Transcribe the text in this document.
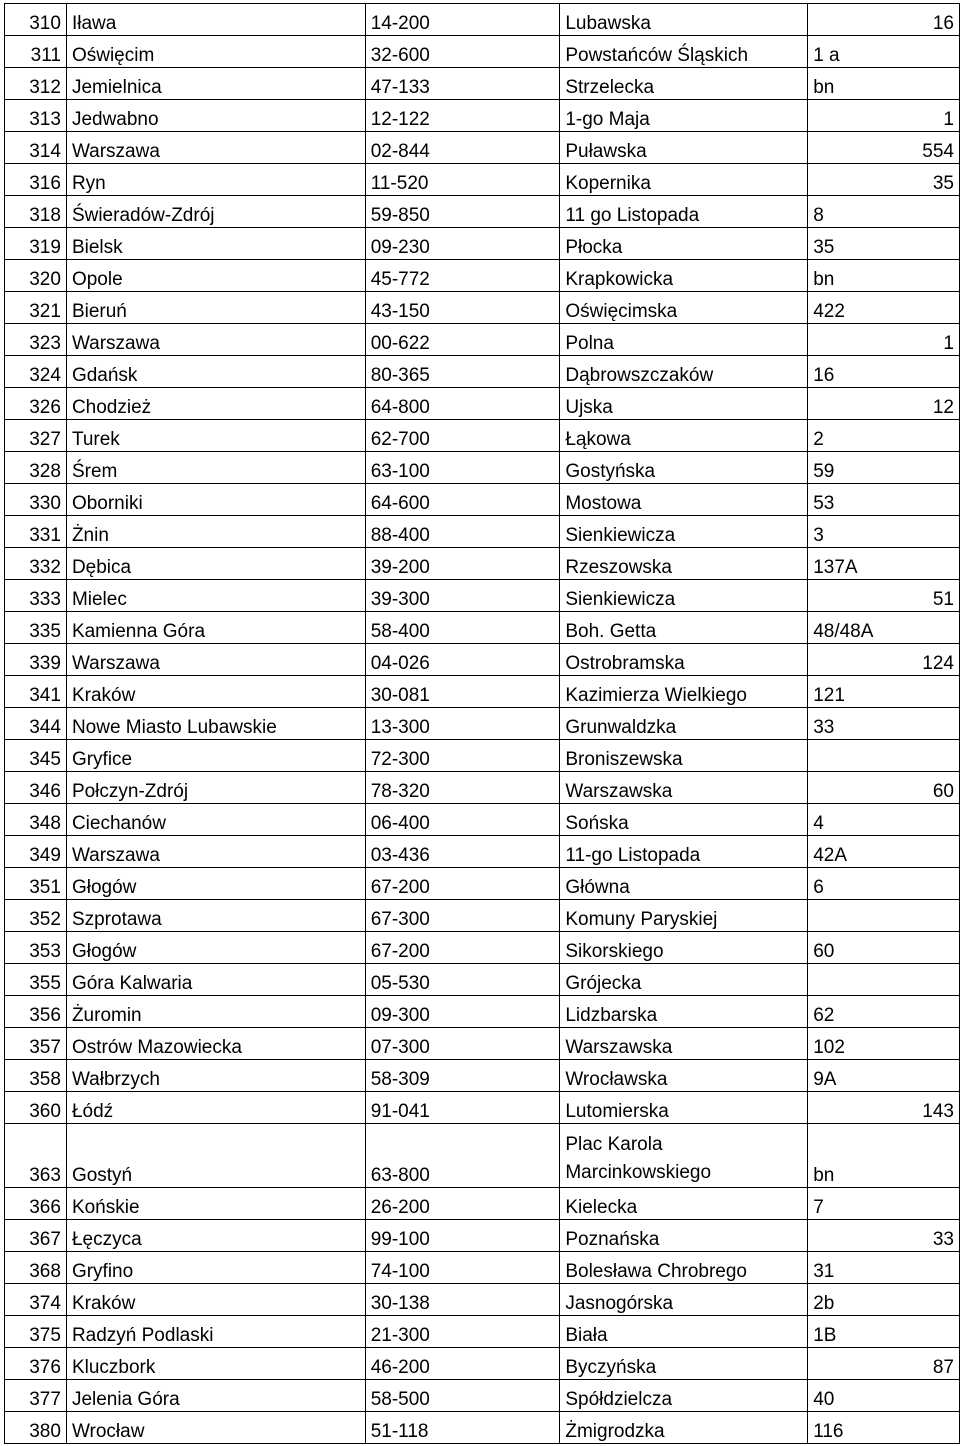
310	Iława	14-200	Lubawska	16
311	Oświęcim	32-600	Powstańców Śląskich	1 a
312	Jemielnica	47-133	Strzelecka	bn
313	Jedwabno	12-122	1-go Maja	1
314	Warszawa	02-844	Puławska	554
316	Ryn	11-520	Kopernika	35
318	Świeradów-Zdrój	59-850	11 go Listopada	8
319	Bielsk	09-230	Płocka	35
320	Opole	45-772	Krapkowicka	bn
321	Bieruń	43-150	Oświęcimska	422
323	Warszawa	00-622	Polna	1
324	Gdańsk	80-365	Dąbrowszczaków	16
326	Chodzież	64-800	Ujska	12
327	Turek	62-700	Łąkowa	2
328	Śrem	63-100	Gostyńska	59
330	Oborniki	64-600	Mostowa	53
331	Żnin	88-400	Sienkiewicza	3
332	Dębica	39-200	Rzeszowska	137A
333	Mielec	39-300	Sienkiewicza	51
335	Kamienna Góra	58-400	Boh. Getta	48/48A
339	Warszawa	04-026	Ostrobramska	124
341	Kraków	30-081	Kazimierza Wielkiego	121
344	Nowe Miasto Lubawskie	13-300	Grunwaldzka	33
345	Gryfice	72-300	Broniszewska	
346	Połczyn-Zdrój	78-320	Warszawska	60
348	Ciechanów	06-400	Sońska	4
349	Warszawa	03-436	11-go Listopada	42A
351	Głogów	67-200	Główna	6
352	Szprotawa	67-300	Komuny Paryskiej	
353	Głogów	67-200	Sikorskiego	60
355	Góra Kalwaria	05-530	Grójecka	
356	Żuromin	09-300	Lidzbarska	62
357	Ostrów Mazowiecka	07-300	Warszawska	102
358	Wałbrzych	58-309	Wrocławska	9A
360	Łódź	91-041	Lutomierska	143
363	Gostyń	63-800	Plac Karola Marcinkowskiego	bn
366	Końskie	26-200	Kielecka	7
367	Łęczyca	99-100	Poznańska	33
368	Gryfino	74-100	Bolesława Chrobrego	31
374	Kraków	30-138	Jasnogórska	2b
375	Radzyń Podlaski	21-300	Biała	1B
376	Kluczbork	46-200	Byczyńska	87
377	Jelenia Góra	58-500	Spółdzielcza	40
380	Wrocław	51-118	Żmigrodzka	116
